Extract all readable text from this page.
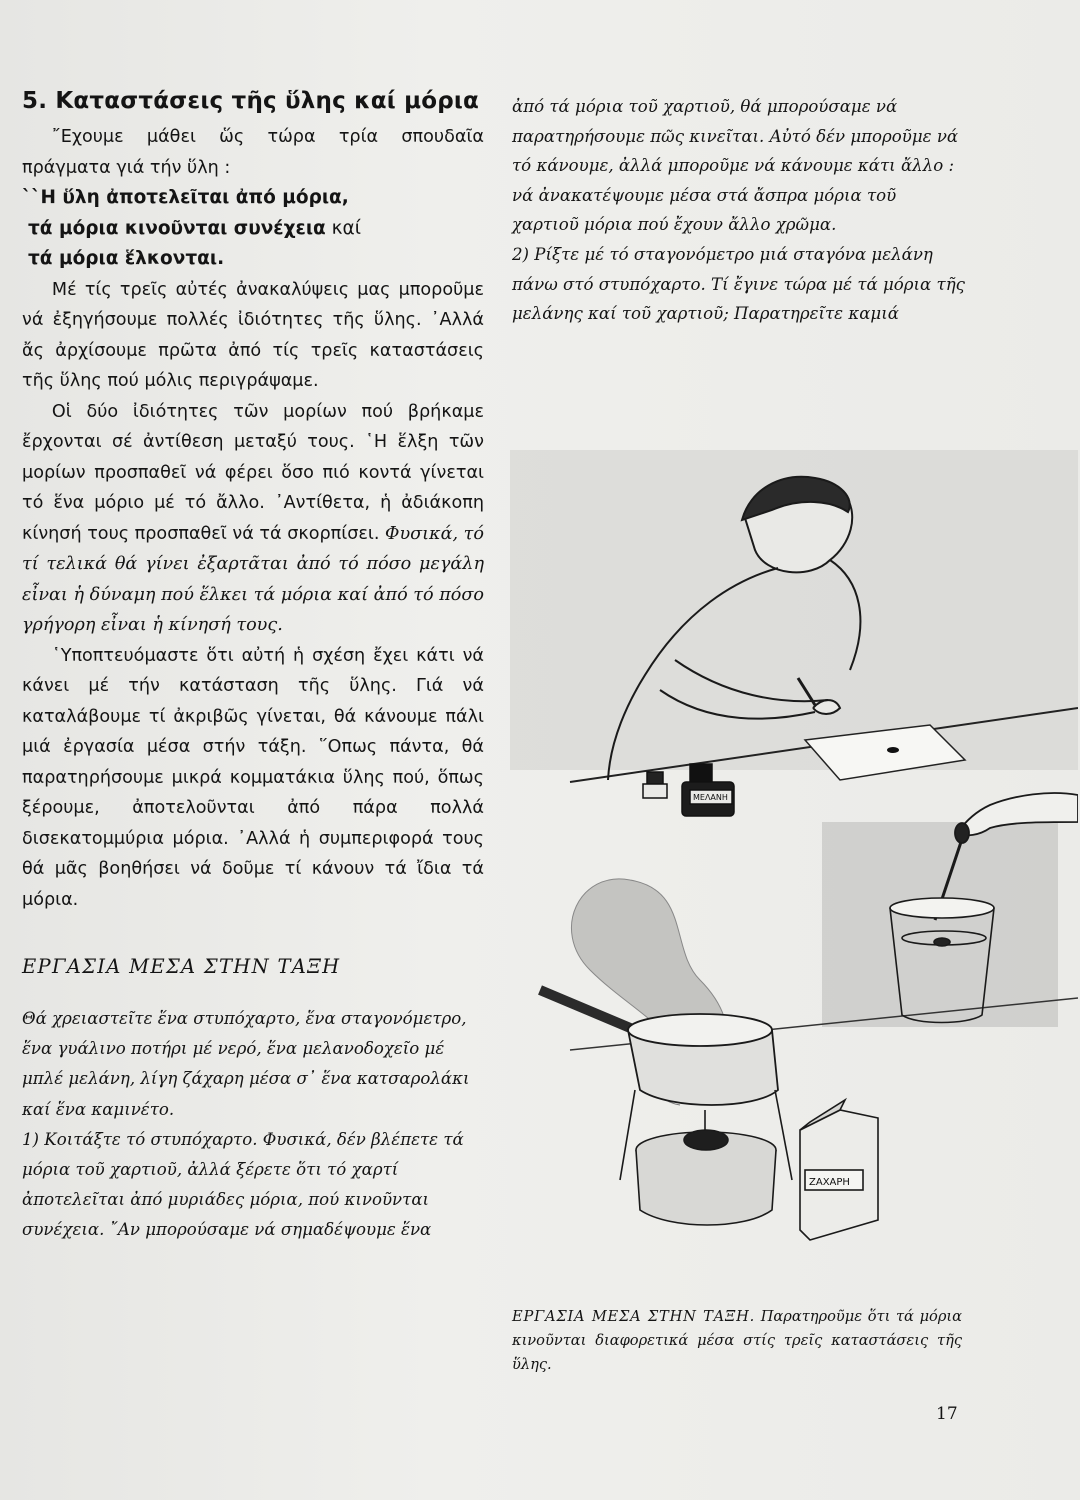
5. Καταστάσεις τῆς ὕλης καί μόρια

῎Εχουμε μάθει ὥς τώρα τρία σπουδαῖα πράγματα γιά τήν ὕλη :

``Η ὕλη ἀποτελεῖται ἀπό μόρια,
τά μόρια κινοῦνται συνέχεια καί
τά μόρια ἕλκονται.

Μέ τίς τρεῖς αὐτές ἀνακαλύψεις μας μποροῦμε νά ἐξηγήσουμε πολλές ἰδιότητες τῆς ὕλης. ᾿Αλλά ἄς ἀρχίσουμε πρῶτα ἀπό τίς τρεῖς καταστάσεις τῆς ὕλης πού μόλις περιγράψαμε.

Οἱ δύο ἰδιότητες τῶν μορίων πού βρήκαμε ἔρχονται σέ ἀντίθεση μεταξύ τους. ῾Η ἕλξη τῶν μορίων προσπαθεῖ νά φέρει ὅσο πιό κοντά γίνεται τό ἕνα μόριο μέ τό ἄλλο. ᾿Αντίθετα, ἡ ἀδιάκοπη κίνησή τους προσπαθεῖ νά τά σκορπίσει. Φυσικά, τό τί τελικά θά γίνει ἐξαρτᾶται ἀπό τό πόσο μεγάλη εἶναι ἡ δύναμη πού ἕλκει τά μόρια καί ἀπό τό πόσο γρήγορη εἶναι ἡ κίνησή τους.

῾Υποπτευόμαστε ὅτι αὐτή ἡ σχέση ἔχει κάτι νά κάνει μέ τήν κατάσταση τῆς ὕλης. Γιά νά καταλάβουμε τί ἀκριβῶς γίνεται, θά κάνουμε πάλι μιά ἐργασία μέσα στήν τάξη. ῞Οπως πάντα, θά παρατηρήσουμε μικρά κομματάκια ὕλης πού, ὅπως ξέρουμε, ἀποτελοῦνται ἀπό πάρα πολλά δισεκατομμύρια μόρια. ᾿Αλλά ἡ συμπεριφορά τους θά μᾶς βοηθήσει νά δοῦμε τί κάνουν τά ἴδια τά μόρια.

ΕΡΓΑΣΙΑ ΜΕΣΑ ΣΤΗΝ ΤΑΞΗ

Θά χρειαστεῖτε ἕνα στυπόχαρτο, ἕνα σταγονόμετρο, ἕνα γυάλινο ποτήρι μέ νερό, ἕνα μελανοδοχεῖο μέ μπλέ μελάνη, λίγη ζάχαρη μέσα σ᾿ ἕνα κατσαρολάκι καί ἕνα καμινέτο.

1) Κοιτάξτε τό στυπόχαρτο. Φυσικά, δέν βλέπετε τά μόρια τοῦ χαρτιοῦ, ἀλλά ξέρετε ὅτι τό χαρτί ἀποτελεῖται ἀπό μυριάδες μόρια, πού κινοῦνται συνέχεια. ῎Αν μπορούσαμε νά σημαδέψουμε ἕνα

ἀπό τά μόρια τοῦ χαρτιοῦ, θά μπορούσαμε νά παρατηρήσουμε πῶς κινεῖται. Αὐτό δέν μποροῦμε νά τό κάνουμε, ἀλλά μποροῦμε νά κάνουμε κάτι ἄλλο : νά ἀνακατέψουμε μέσα στά ἄσπρα μόρια τοῦ χαρτιοῦ μόρια πού ἔχουν ἄλλο χρῶμα.

2) Ρίξτε μέ τό σταγονόμετρο μιά σταγόνα μελάνη πάνω στό στυπόχαρτο. Τί ἔγινε τώρα μέ τά μόρια τῆς μελάνης καί τοῦ χαρτιοῦ; Παρατηρεῖτε καμιά

ΜΕΛΑΝΗ
ΖΑΧΑΡΗ
ΕΡΓΑΣΙΑ ΜΕΣΑ ΣΤΗΝ ΤΑΞΗ. Παρατηροῦμε ὅτι τά μόρια κινοῦνται διαφορετικά μέσα στίς τρεῖς καταστάσεις τῆς ὕλης.
17
